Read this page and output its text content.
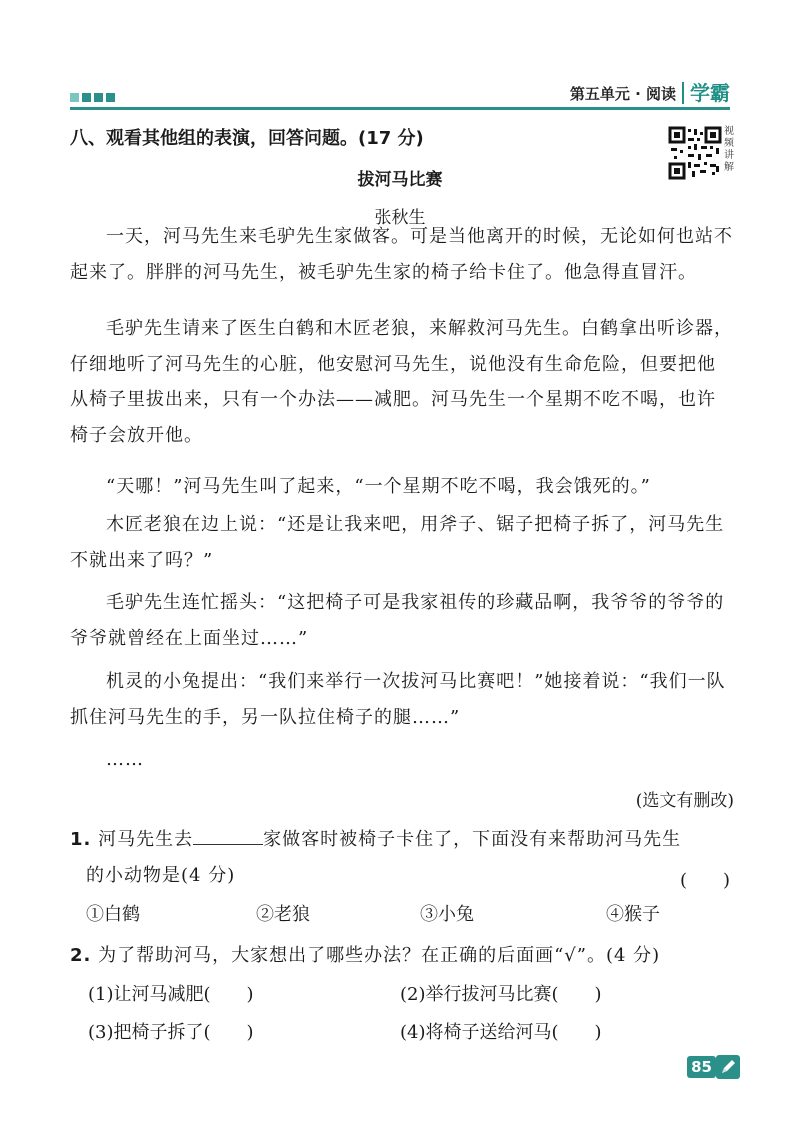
第五单元 · 阅读 学霸
视
频
讲
解
八、观看其他组的表演，回答问题。(17 分)
拔河马比赛
张秋生

一天，河马先生来毛驴先生家做客。可是当他离开的时候，无论如何也站不起来了。胖胖的河马先生，被毛驴先生家的椅子给卡住了。他急得直冒汗。

毛驴先生请来了医生白鹤和木匠老狼，来解救河马先生。白鹤拿出听诊器，仔细地听了河马先生的心脏，他安慰河马先生，说他没有生命危险，但要把他从椅子里拔出来，只有一个办法——减肥。河马先生一个星期不吃不喝，也许椅子会放开他。

“天哪！”河马先生叫了起来，“一个星期不吃不喝，我会饿死的。”

木匠老狼在边上说：“还是让我来吧，用斧子、锯子把椅子拆了，河马先生不就出来了吗？”

毛驴先生连忙摇头：“这把椅子可是我家祖传的珍藏品啊，我爷爷的爷爷的爷爷就曾经在上面坐过……”

机灵的小兔提出：“我们来举行一次拔河马比赛吧！”她接着说：“我们一队抓住河马先生的手，另一队拉住椅子的腿……”

……

(选文有删改)
1. 河马先生去	家做客时被椅子卡住了，下面没有来帮助河马先生
的小动物是(4 分)	(　　)
①白鹤	②老狼	③小兔	④猴子
2. 为了帮助河马，大家想出了哪些办法？在正确的后面画“√”。(4 分)
(1)让河马减肥(　　)	(2)举行拔河马比赛(　　)
(3)把椅子拆了(　　)	(4)将椅子送给河马(　　)
85
